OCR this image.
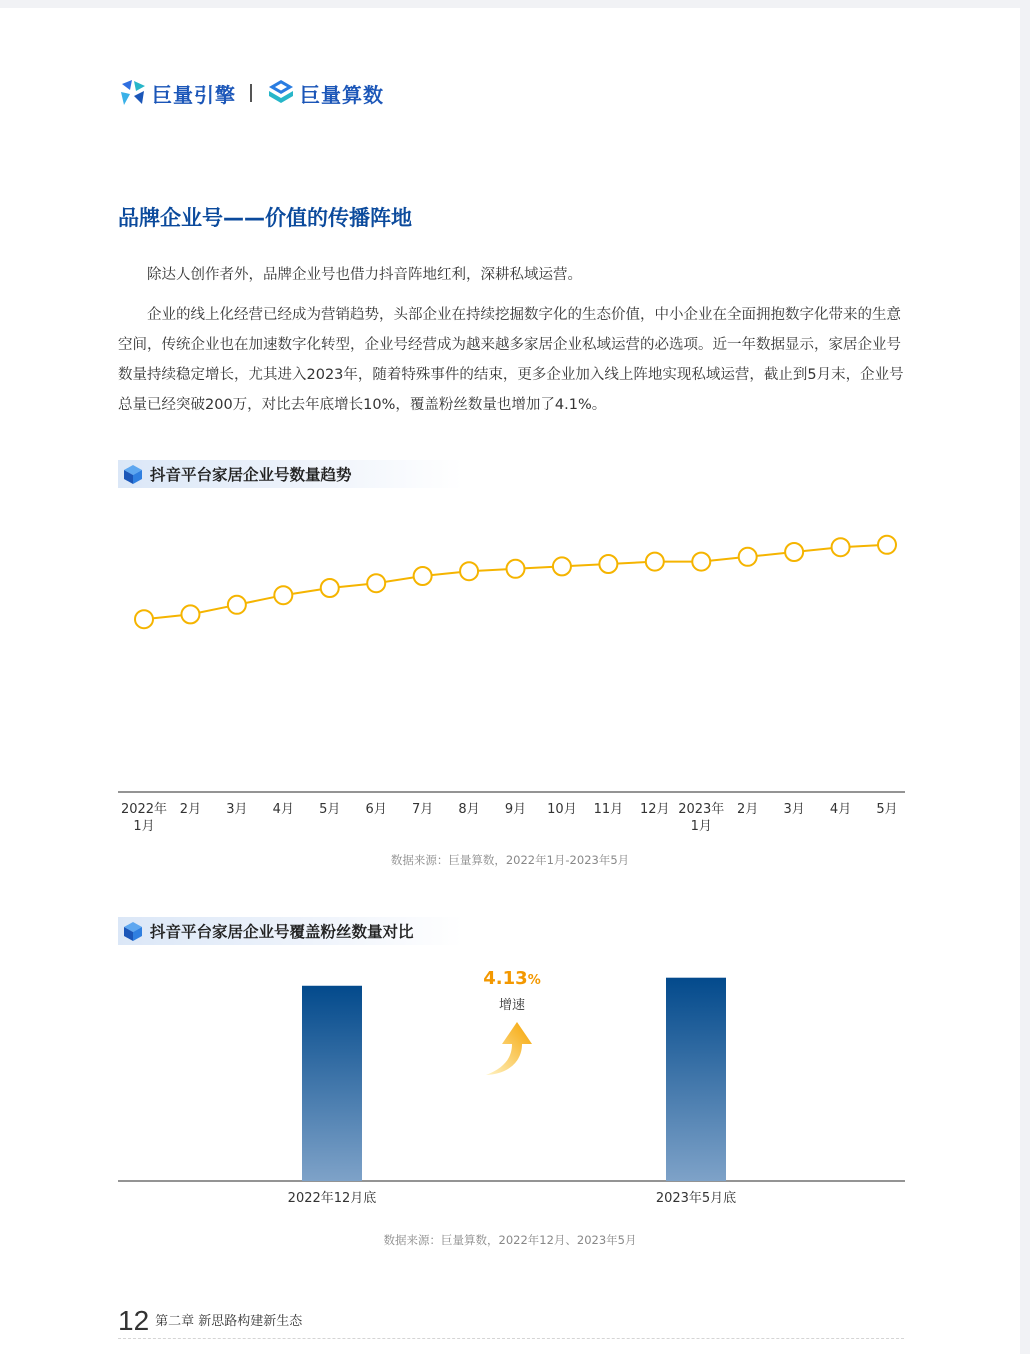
巨量引擎	巨量算数
品牌企业号——价值的传播阵地

除达人创作者外，品牌企业号也借力抖音阵地红利，深耕私域运营。

企业的线上化经营已经成为营销趋势，头部企业在持续挖掘数字化的生态价值，中小企业在全面拥抱数字化带来的生意空间，传统企业也在加速数字化转型，企业号经营成为越来越多家居企业私域运营的必选项。近一年数据显示，家居企业号数量持续稳定增长，尤其进入2023年，随着特殊事件的结束，更多企业加入线上阵地实现私域运营，截止到5月末，企业号总量已经突破200万，对比去年底增长10%，覆盖粉丝数量也增加了4.1%。

抖音平台家居企业号数量趋势
2022年 1月
2月 3月 4月 5月 6月 7月 8月 9月 10月 11月 12月 2023年 1月
2月 3月 4月 5月

数据来源：巨量算数，2022年1月-2023年5月

抖音平台家居企业号覆盖粉丝数量对比
2022年12月底	2023年5月底
4.13%
增速

数据来源：巨量算数，2022年12月、2023年5月

12 第二章 新思路构建新生态
